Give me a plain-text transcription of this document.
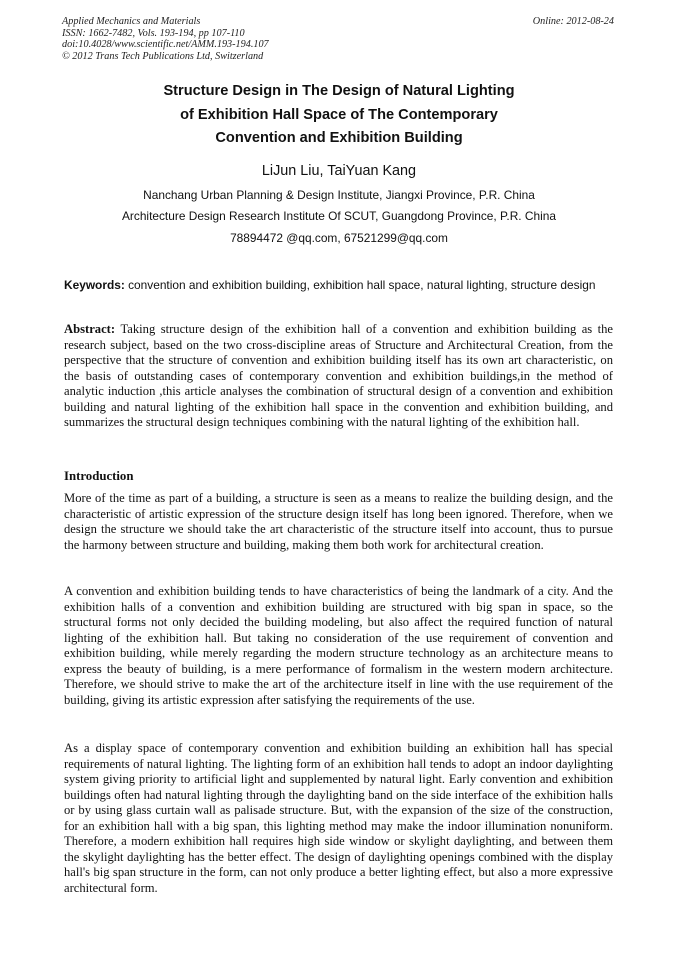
Applied Mechanics and Materials
ISSN: 1662-7482, Vols. 193-194, pp 107-110
doi:10.4028/www.scientific.net/AMM.193-194.107
© 2012 Trans Tech Publications Ltd, Switzerland
Online: 2012-08-24
Structure Design in The Design of Natural Lighting
of Exhibition Hall Space of The Contemporary
Convention and Exhibition Building
LiJun Liu, TaiYuan Kang
Nanchang Urban Planning & Design Institute, Jiangxi Province, P.R. China
Architecture Design Research Institute Of SCUT, Guangdong Province, P.R. China
78894472 @qq.com, 67521299@qq.com
Keywords: convention and exhibition building, exhibition hall space, natural lighting, structure design
Abstract: Taking structure design of the exhibition hall of a convention and exhibition building as the research subject, based on the two cross-discipline areas of Structure and Architectural Creation, from the perspective that the structure of convention and exhibition building itself has its own art characteristic, on the basis of outstanding cases of contemporary convention and exhibition buildings,in the method of analytic induction ,this article analyses the combination of structural design of a convention and exhibition building and natural lighting of the exhibition hall space in the convention and exhibition building, and summarizes the structural design techniques combining with the natural lighting of the exhibition hall.
Introduction
More of the time as part of a building, a structure is seen as a means to realize the building design, and the characteristic of artistic expression of the structure design itself has long been ignored. Therefore, when we design the structure we should take the art characteristic of the structure itself into account, thus to pursue the harmony between structure and building, making them both work for architectural creation.
A convention and exhibition building tends to have characteristics of being the landmark of a city. And the exhibition halls of a convention and exhibition building are structured with big span in space, so the structural forms not only decided the building modeling, but also affect the required function of natural lighting of the exhibition hall. But taking no consideration of the use requirement of convention and exhibition building, while merely regarding the modern structure technology as an architecture means to express the beauty of building, is a mere performance of formalism in the western modern architecture. Therefore, we should strive to make the art of the architecture itself in line with the use requirement of the building, giving its artistic expression after satisfying the requirements of the use.
As a display space of contemporary convention and exhibition building an exhibition hall has special requirements of natural lighting. The lighting form of an exhibition hall tends to adopt an indoor daylighting system giving priority to artificial light and supplemented by natural light. Early convention and exhibition buildings often had natural lighting through the daylighting band on the side interface of the exhibition halls or by using glass curtain wall as palisade structure. But, with the expansion of the size of the construction, for an exhibition hall with a big span, this lighting method may make the indoor illumination nonuniform. Therefore, a modern exhibition hall requires high side window or skylight daylighting, and between them the skylight daylighting has the better effect. The design of daylighting openings combined with the display hall's big span structure in the form, can not only produce a better lighting effect, but also a more expressive architectural form.
